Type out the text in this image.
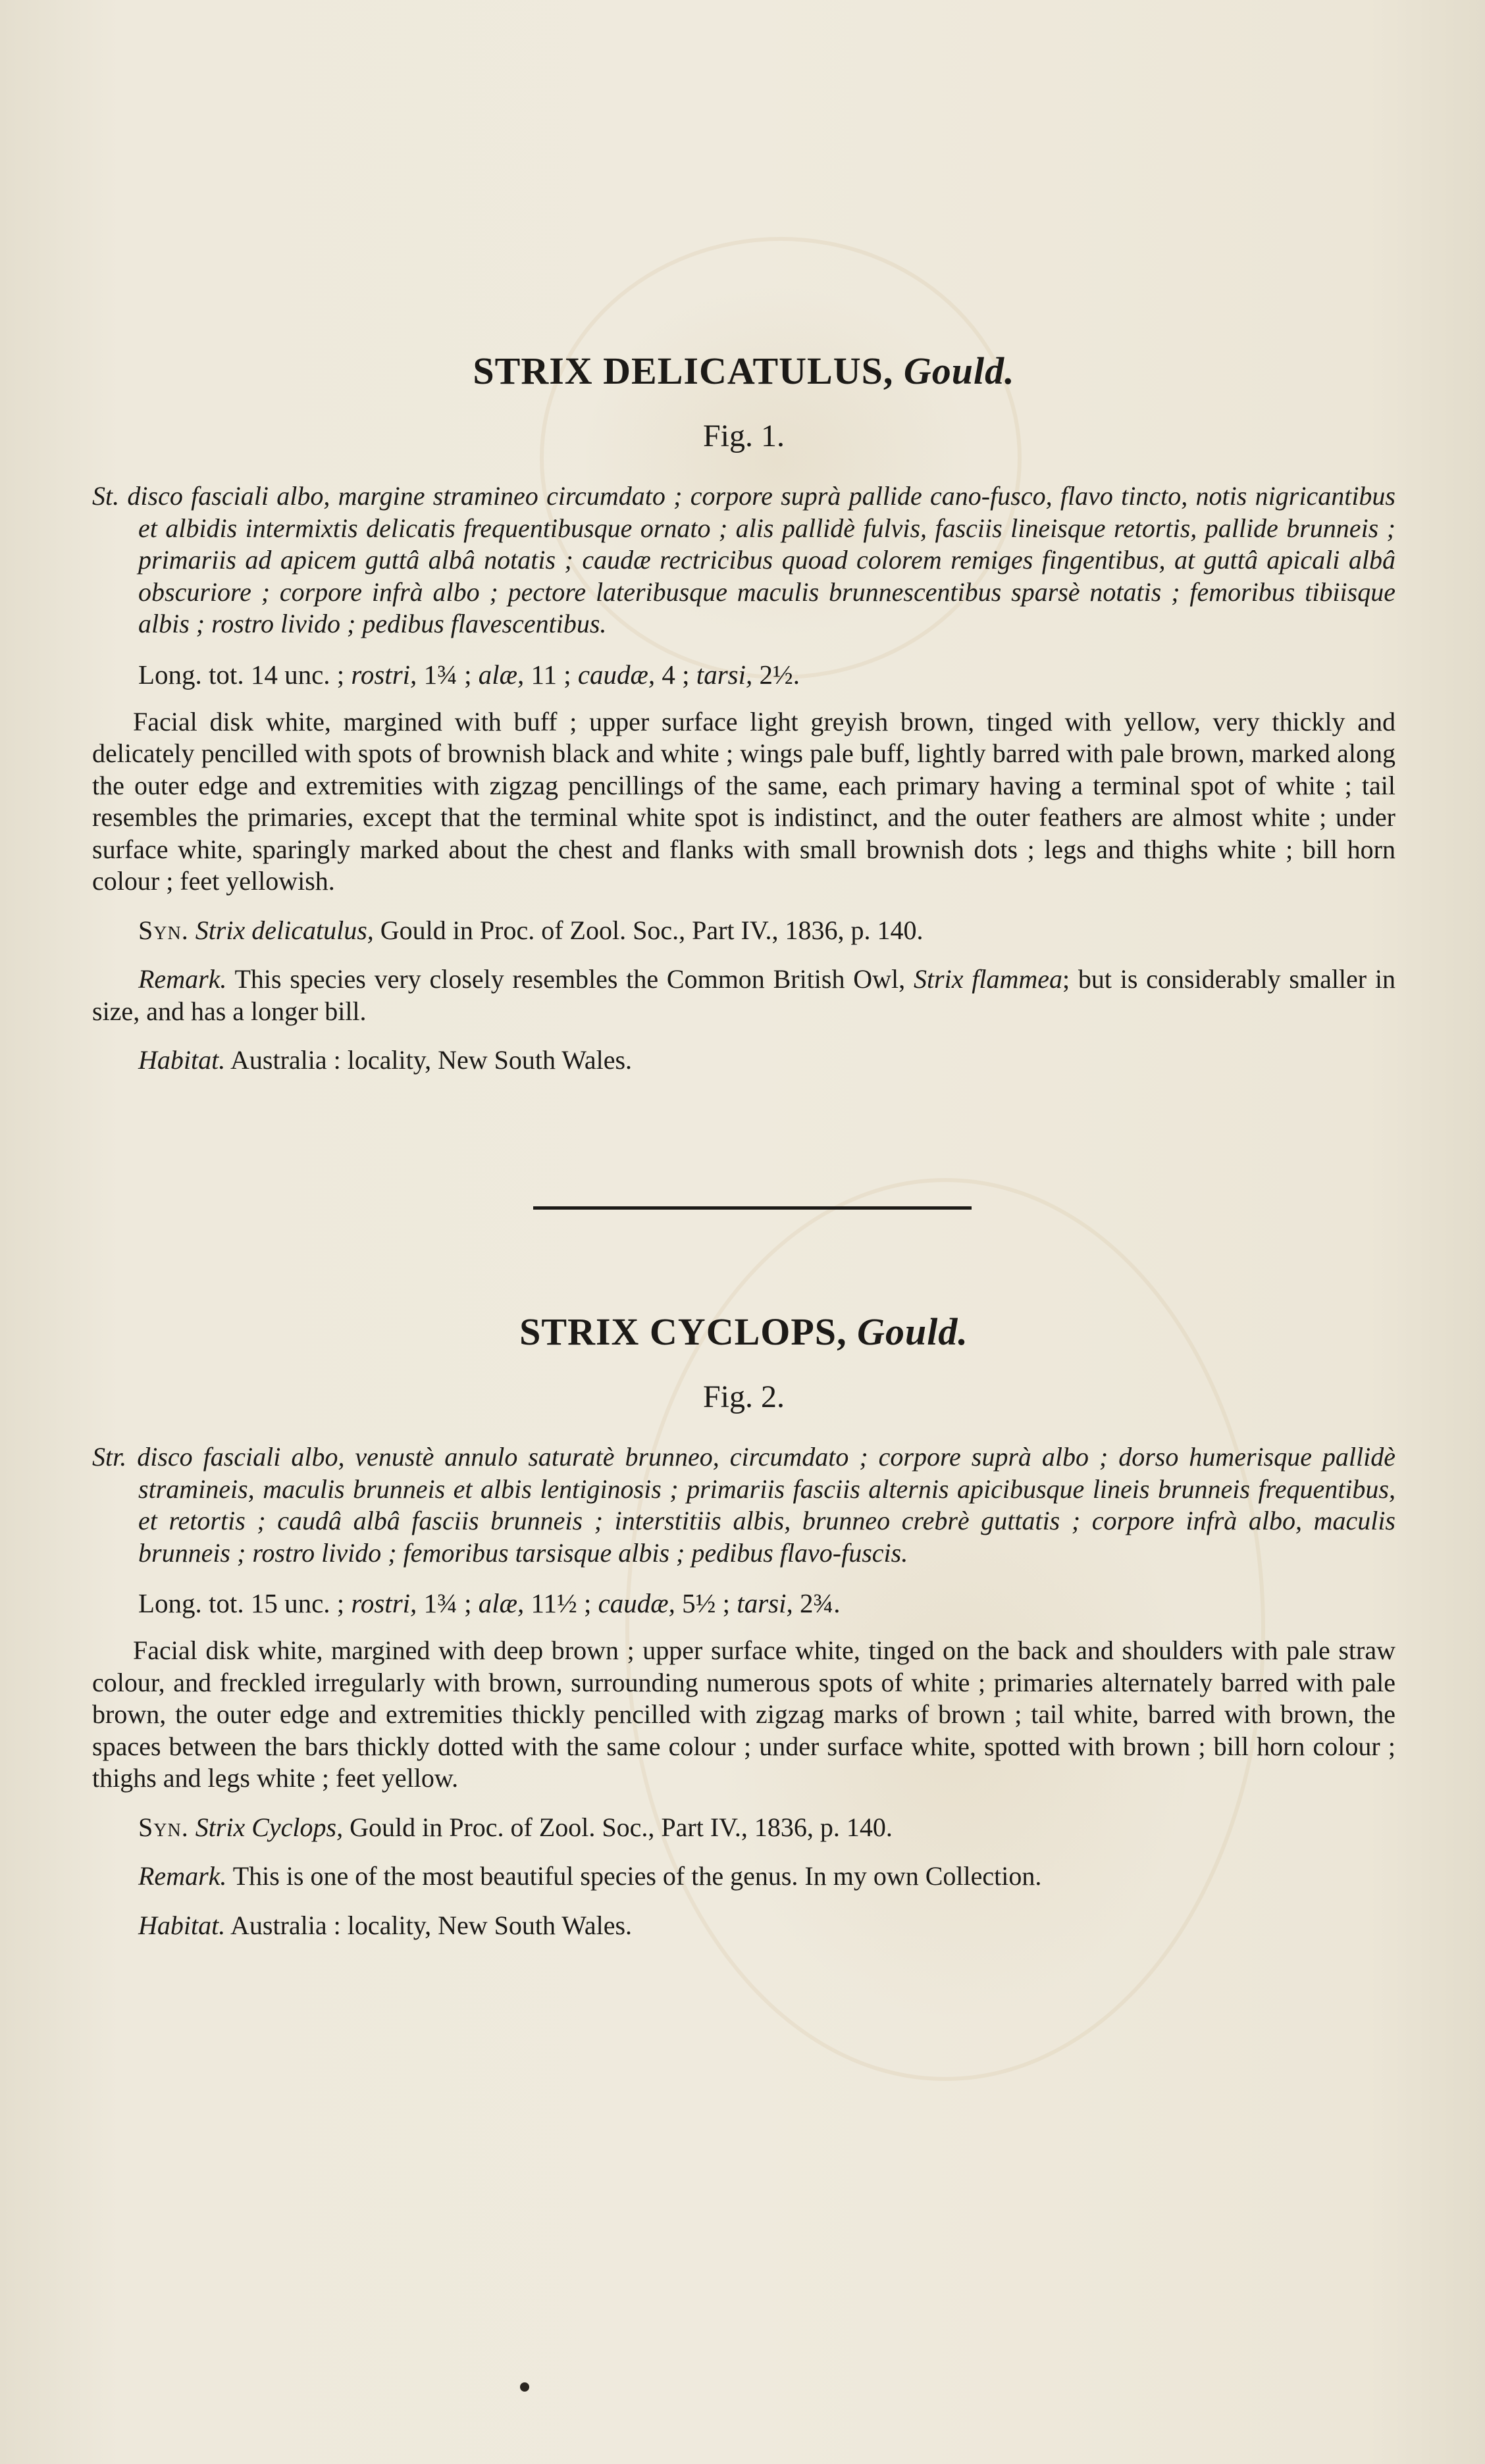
STRIX DELICATULUS, Gould.
Fig. 1.
St. disco fasciali albo, margine stramineo circumdato ; corpore suprà pallide cano-fusco, flavo tincto, notis nigricantibus et albidis intermixtis delicatis frequentibusque ornato ; alis pallidè fulvis, fasciis lineisque retortis, pallide brunneis ; primariis ad apicem guttâ albâ notatis ; caudæ rectricibus quoad colorem remiges fingentibus, at guttâ apicali albâ obscuriore ; corpore infrà albo ; pectore lateribusque maculis brunnescentibus sparsè notatis ; femoribus tibiisque albis ; rostro livido ; pedibus flavescentibus.
Long. tot. 14 unc. ; rostri, 1¾ ; alæ, 11 ; caudæ, 4 ; tarsi, 2½.
Facial disk white, margined with buff ; upper surface light greyish brown, tinged with yellow, very thickly and delicately pencilled with spots of brownish black and white ; wings pale buff, lightly barred with pale brown, marked along the outer edge and extremities with zigzag pencillings of the same, each primary having a terminal spot of white ; tail resembles the primaries, except that the terminal white spot is indistinct, and the outer feathers are almost white ; under surface white, sparingly marked about the chest and flanks with small brownish dots ; legs and thighs white ; bill horn colour ; feet yellowish.
Syn. Strix delicatulus, Gould in Proc. of Zool. Soc., Part IV., 1836, p. 140.
Remark. This species very closely resembles the Common British Owl, Strix flammea; but is considerably smaller in size, and has a longer bill.
Habitat. Australia : locality, New South Wales.
STRIX CYCLOPS, Gould.
Fig. 2.
Str. disco fasciali albo, venustè annulo saturatè brunneo, circumdato ; corpore suprà albo ; dorso humerisque pallidè stramineis, maculis brunneis et albis lentiginosis ; primariis fasciis alternis apicibusque lineis brunneis frequentibus, et retortis ; caudâ albâ fasciis brunneis ; interstitiis albis, brunneo crebrè guttatis ; corpore infrà albo, maculis brunneis ; rostro livido ; femoribus tarsisque albis ; pedibus flavo-fuscis.
Long. tot. 15 unc. ; rostri, 1¾ ; alæ, 11½ ; caudæ, 5½ ; tarsi, 2¾.
Facial disk white, margined with deep brown ; upper surface white, tinged on the back and shoulders with pale straw colour, and freckled irregularly with brown, surrounding numerous spots of white ; primaries alternately barred with pale brown, the outer edge and extremities thickly pencilled with zigzag marks of brown ; tail white, barred with brown, the spaces between the bars thickly dotted with the same colour ; under surface white, spotted with brown ; bill horn colour ; thighs and legs white ; feet yellow.
Syn. Strix Cyclops, Gould in Proc. of Zool. Soc., Part IV., 1836, p. 140.
Remark. This is one of the most beautiful species of the genus. In my own Collection.
Habitat. Australia : locality, New South Wales.
